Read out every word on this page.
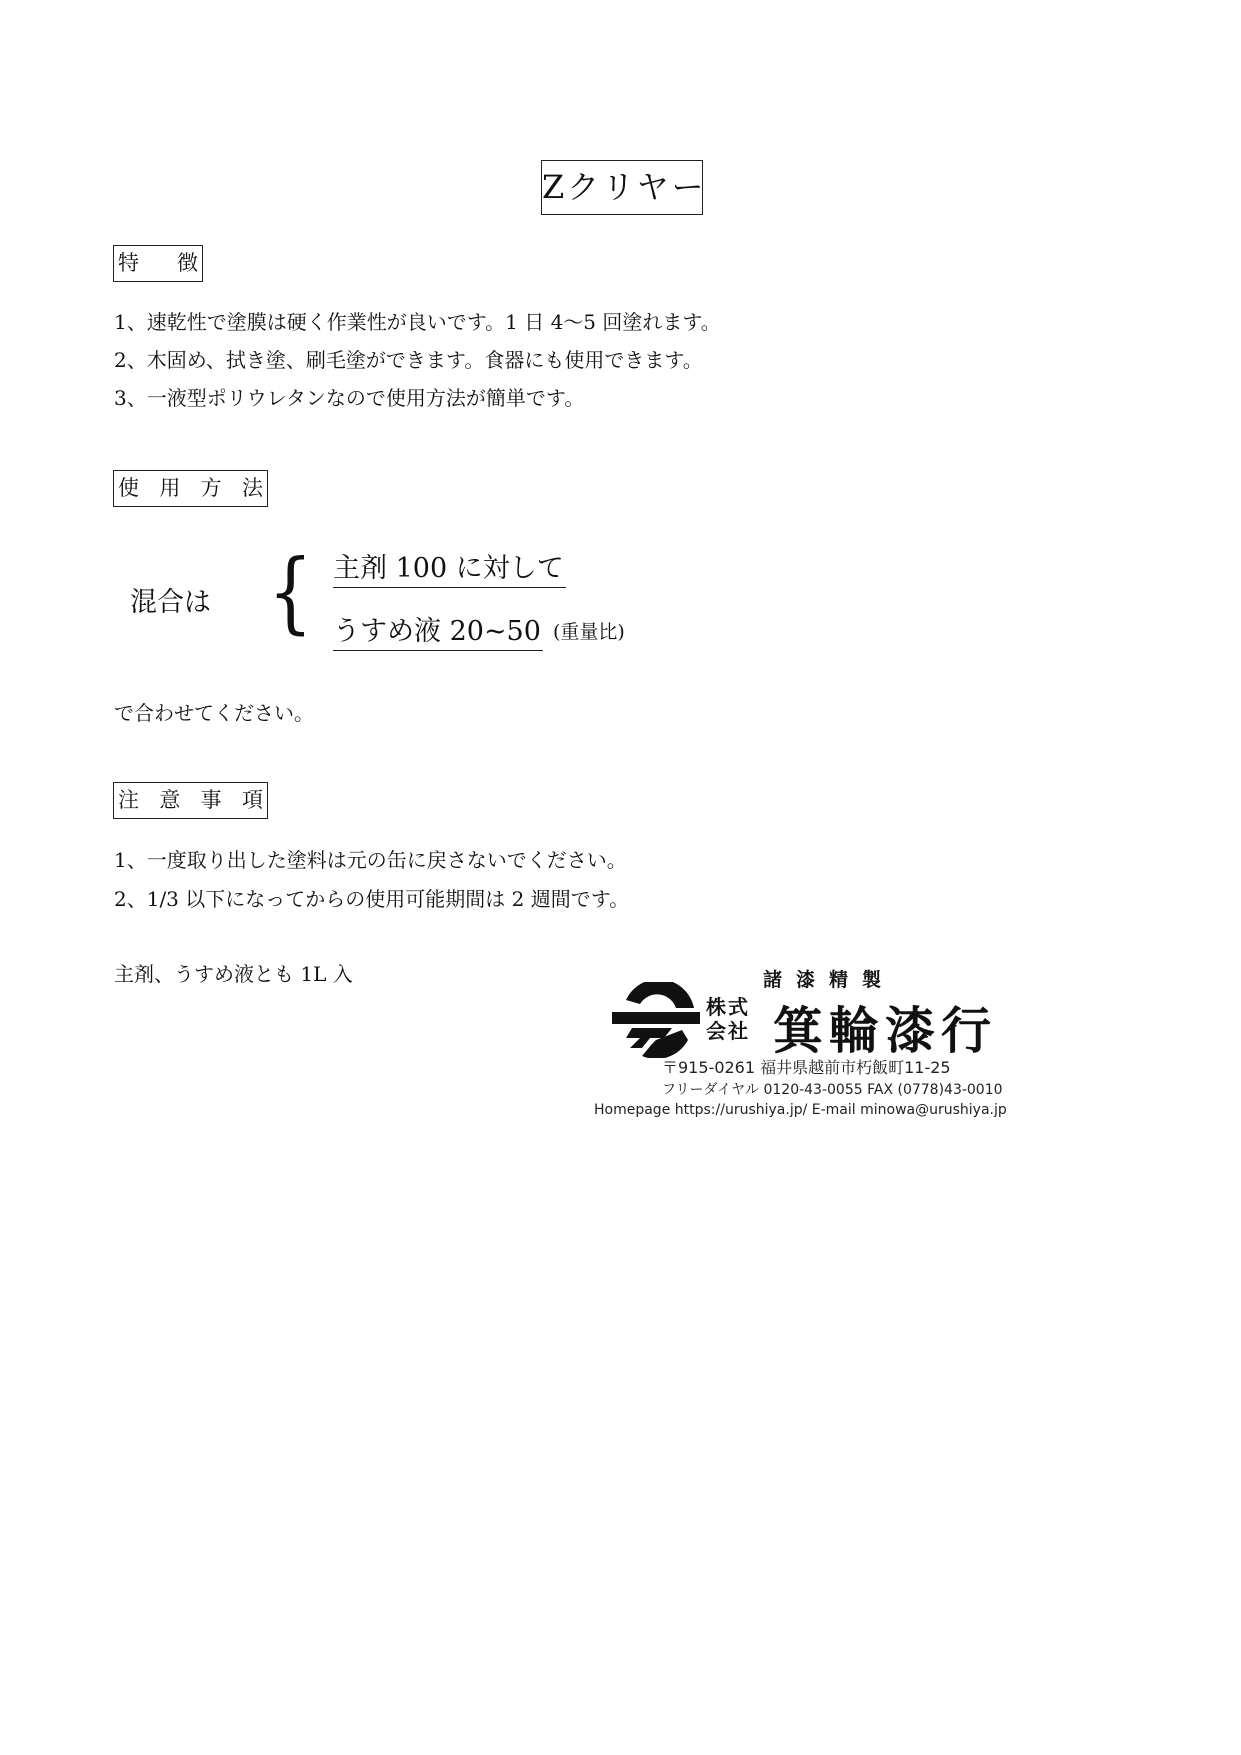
Zクリヤー
特 徴
1、速乾性で塗膜は硬く作業性が良いです。1 日 4〜5 回塗れます。
2、木固め、拭き塗、刷毛塗ができます。食器にも使用できます。
3、一液型ポリウレタンなので使用方法が簡単です。
使 用 方 法
混合は { 主剤 100 に対して
うすめ液 20~50 (重量比)
で合わせてください。
注 意 事 項
1、一度取り出した塗料は元の缶に戻さないでください。
2、1/3 以下になってからの使用可能期間は 2 週間です。
主剤、うすめ液とも 1L 入	諸漆精製
株式
会社 箕輪漆行
〒915-0261 福井県越前市朽飯町11-25
フリーダイヤル 0120-43-0055 FAX (0778)43-0010
Homepage https://urushiya.jp/ E-mail minowa@urushiya.jp
